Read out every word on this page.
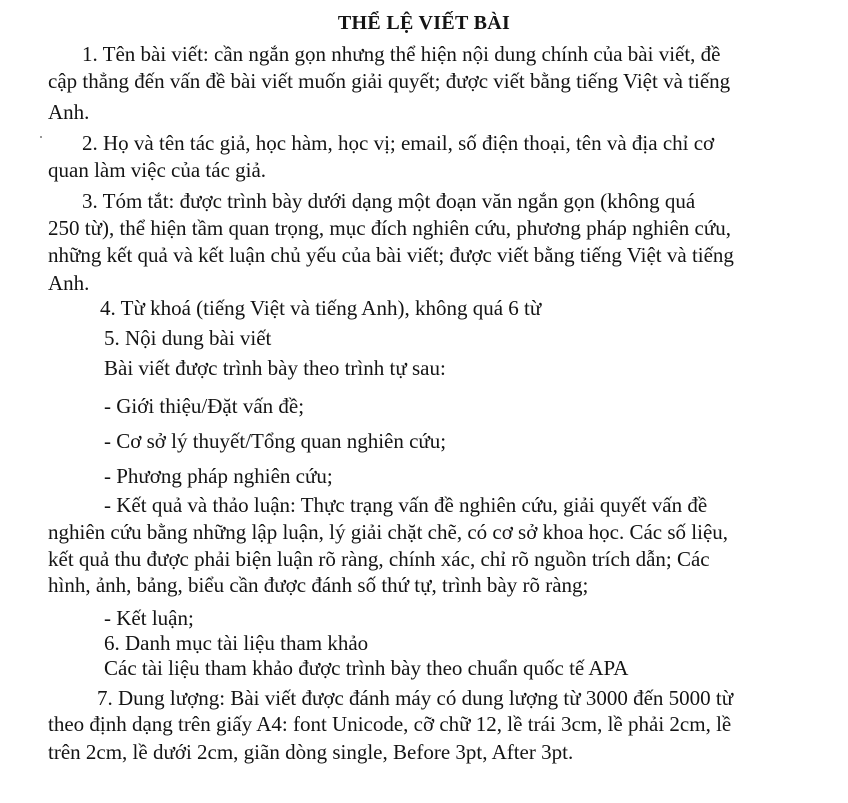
THỂ LỆ VIẾT BÀI
1. Tên bài viết: cần ngắn gọn nhưng thể hiện nội dung chính của bài viết, đề
cập thẳng đến vấn đề bài viết muốn giải quyết; được viết bằng tiếng Việt và tiếng
Anh.
2. Họ và tên tác giả, học hàm, học vị; email, số điện thoại, tên và địa chỉ cơ
quan làm việc của tác giả.
3. Tóm tắt: được trình bày dưới dạng một đoạn văn ngắn gọn (không quá
250 từ), thể hiện tầm quan trọng, mục đích nghiên cứu, phương pháp nghiên cứu,
những kết quả và kết luận chủ yếu của bài viết; được viết bằng tiếng Việt và tiếng
Anh.
4. Từ khoá (tiếng Việt và tiếng Anh), không quá 6 từ
5. Nội dung bài viết
Bài viết được trình bày theo trình tự sau:
- Giới thiệu/Đặt vấn đề;
- Cơ sở lý thuyết/Tổng quan nghiên cứu;
- Phương pháp nghiên cứu;
- Kết quả và thảo luận: Thực trạng vấn đề nghiên cứu, giải quyết vấn đề
nghiên cứu bằng những lập luận, lý giải chặt chẽ, có cơ sở khoa học. Các số liệu,
kết quả thu được phải biện luận rõ ràng, chính xác, chỉ rõ nguồn trích dẫn; Các
hình, ảnh, bảng, biểu cần được đánh số thứ tự, trình bày rõ ràng;
- Kết luận;
6. Danh mục tài liệu tham khảo
Các tài liệu tham khảo được trình bày theo chuẩn quốc tế APA
7. Dung lượng: Bài viết được đánh máy có dung lượng từ 3000 đến 5000 từ
theo định dạng trên giấy A4: font Unicode, cỡ chữ 12, lề trái 3cm, lề phải 2cm, lề
trên 2cm, lề dưới 2cm, giãn dòng single, Before 3pt, After 3pt.
